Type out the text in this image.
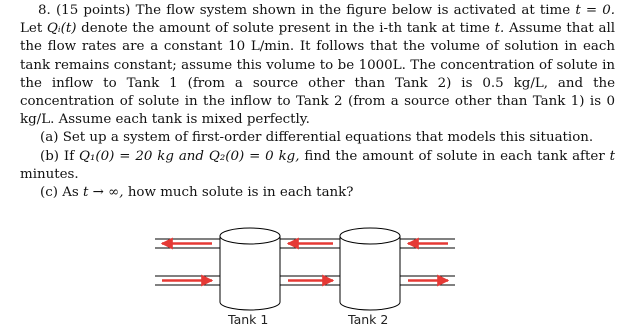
8. (15 points) The flow system shown in the figure below is activated at time t = 0. Let Qᵢ(t) denote the amount of solute present in the i-th tank at time t. Assume that all the flow rates are a constant 10 L/min. It follows that the volume of solution in each tank remains constant; assume this volume to be 1000L. The concentration of solute in the inflow to Tank 1 (from a source other than Tank 2) is 0.5 kg/L, and the concentration of solute in the inflow to Tank 2 (from a source other than Tank 1) is 0 kg/L. Assume each tank is mixed perfectly.

(a) Set up a system of first-order differential equations that models this situation.

(b) If Q₁(0) = 20 kg and Q₂(0) = 0 kg, find the amount of solute in each tank after t minutes.

(c) As t → ∞, how much solute is in each tank?

Tank 1	Tank 2
